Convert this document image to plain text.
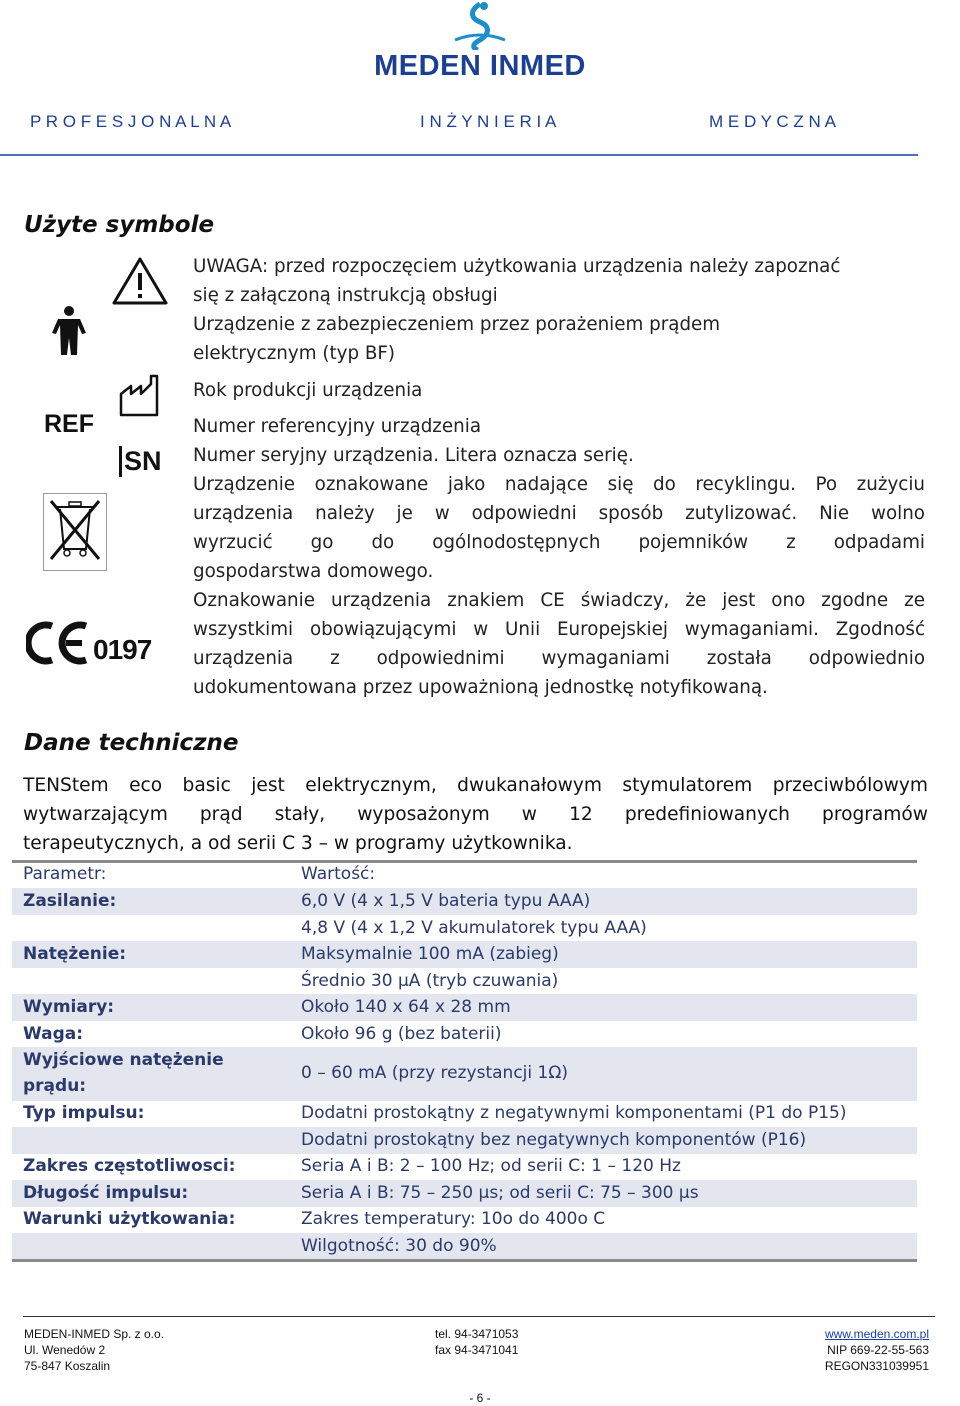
MEDEN INMED
P R O F E S J O N A L N A	I N Ż Y N I E R I A	M E D Y C Z N A
Użyte symbole
REF
SN
0197

UWAGA: przed rozpoczęciem użytkowania urządzenia należy zapoznać

się z załączoną instrukcją obsługi

Urządzenie z zabezpieczeniem przez porażeniem prądem

elektrycznym (typ BF)

Rok produkcji urządzenia

Numer referencyjny urządzenia

Numer seryjny urządzenia. Litera oznacza serię.

Urządzenie oznakowane jako nadające się do recyklingu. Po zużyciu

urządzenia należy je w odpowiedni sposób zutylizować. Nie wolno

wyrzucić go do ogólnodostępnych pojemników z odpadami

gospodarstwa domowego.

Oznakowanie urządzenia znakiem CE świadczy, że jest ono zgodne ze

wszystkimi obowiązującymi w Unii Europejskiej wymaganiami. Zgodność

urządzenia z odpowiednimi wymaganiami została odpowiednio

udokumentowana przez upoważnioną jednostkę notyfikowaną.

Dane techniczne

TENStem eco basic jest elektrycznym, dwukanałowym stymulatorem przeciwbólowym

wytwarzającym prąd stały, wyposażonym w 12 predefiniowanych programów

terapeutycznych, a od serii C 3 – w programy użytkownika.

Parametr:	Wartość:
Zasilanie:	6,0 V (4 x 1,5 V bateria typu AAA)
4,8 V (4 x 1,2 V akumulatorek typu AAA)
Natężenie:	Maksymalnie 100 mA (zabieg)
Średnio 30 µA (tryb czuwania)
Wymiary:	Około 140 x 64 x 28 mm
Waga:	Około 96 g (bez baterii)
Wyjściowe natężenie
prądu:
0 – 60 mA (przy rezystancji 1Ω)
Typ impulsu:	Dodatni prostokątny z negatywnymi komponentami (P1 do P15)
Dodatni prostokątny bez negatywnych komponentów (P16)
Zakres częstotliwosci:	Seria A i B: 2 – 100 Hz; od serii C: 1 – 120 Hz
Długość impulsu:	Seria A i B: 75 – 250 µs; od serii C: 75 – 300 µs
Warunki użytkowania:	Zakres temperatury: 10o do 400o C
Wilgotność: 30 do 90%
MEDEN-INMED Sp. z o.o.
Ul. Wenedów 2
75-847 Koszalin
tel. 94-3471053
fax 94-3471041
www.meden.com.pl
NIP 669-22-55-563
REGON331039951
- 6 -
